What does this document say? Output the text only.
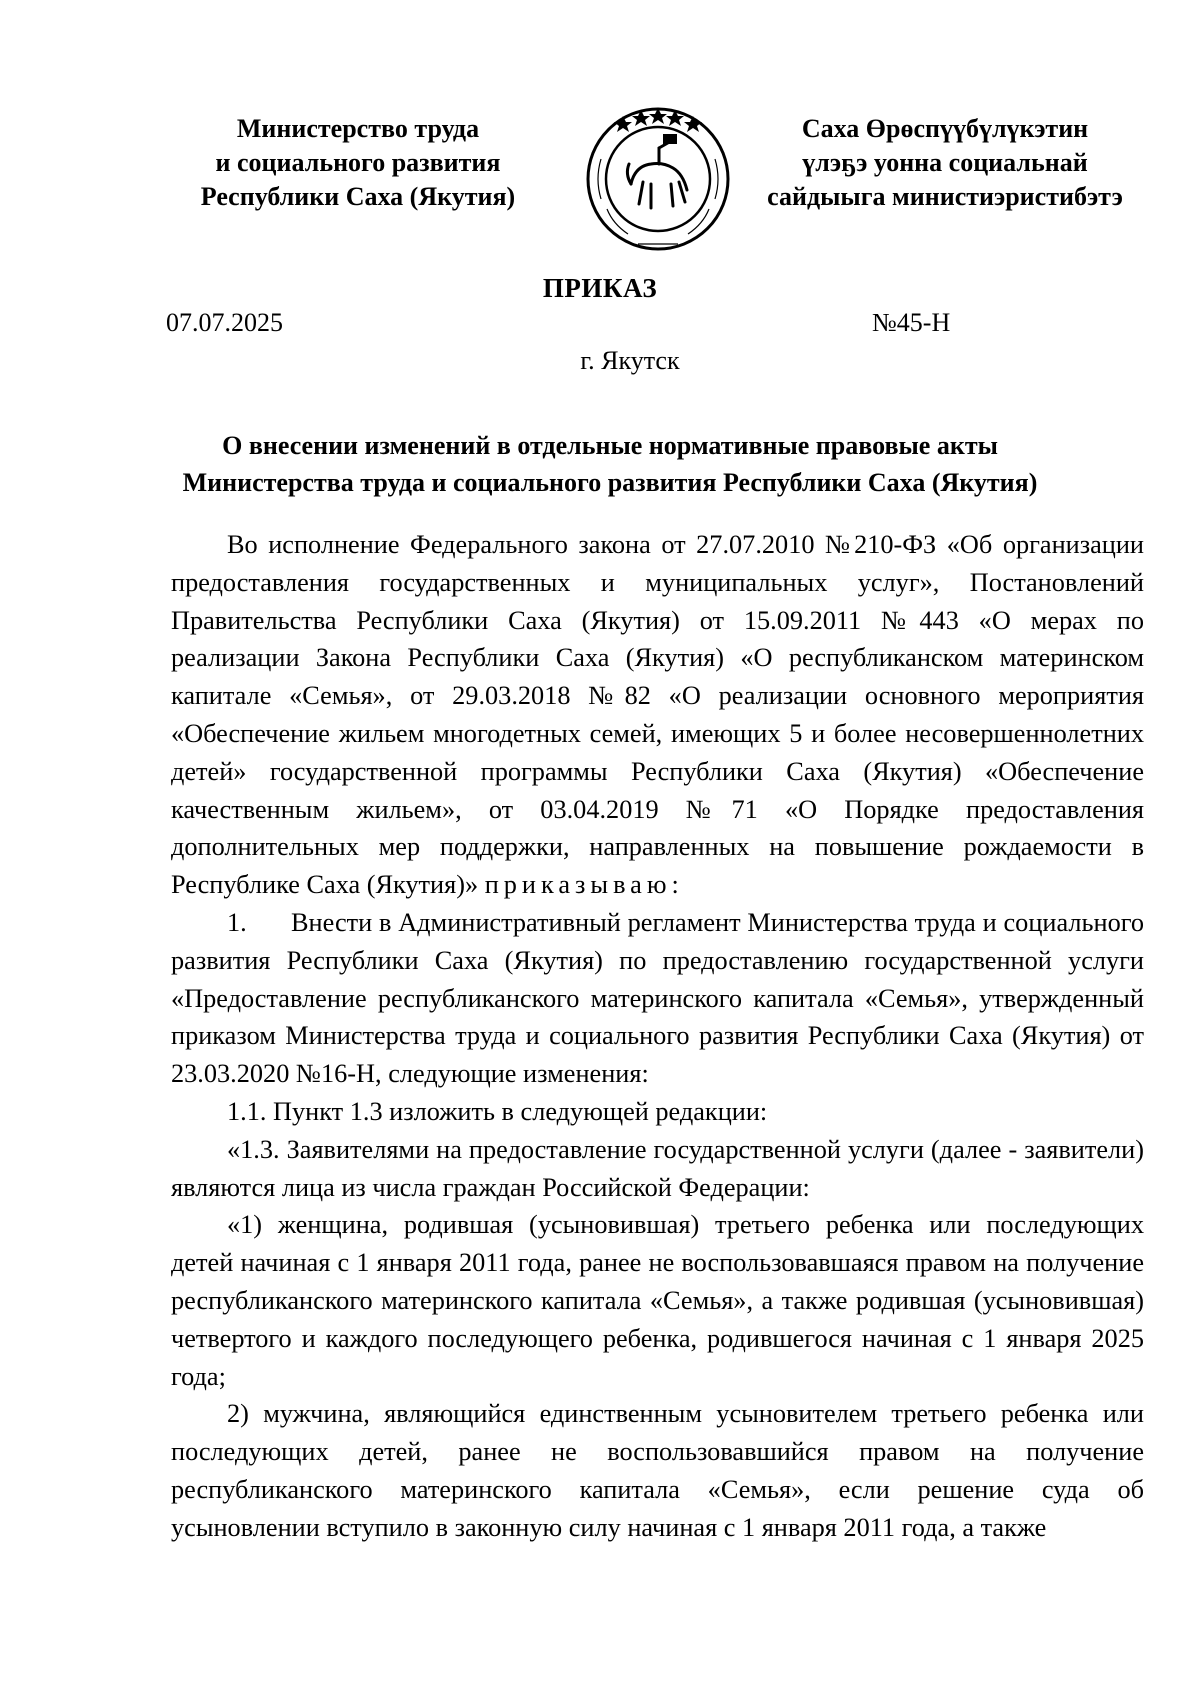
Министерство труда
и социального развития
Республики Саха (Якутия)
Саха Өрөспүүбүлүкэтин
үлэҕэ уонна социальнай
сайдыыга министиэристибэтэ
ПРИКАЗ
07.07.2025	№45-Н
г. Якутск
О внесении изменений в отдельные нормативные правовые акты
Министерства труда и социального развития Республики Саха (Якутия)

Во исполнение Федерального закона от 27.07.2010 №210-ФЗ «Об организации предоставления государственных и муниципальных услуг», Постановлений Правительства Республики Саха (Якутия) от 15.09.2011 №443 «О мерах по реализации Закона Республики Саха (Якутия) «О республиканском материнском капитале «Семья», от 29.03.2018 №82 «О реализации основного мероприятия «Обеспечение жильем многодетных семей, имеющих 5 и более несовершеннолетних детей» государственной программы Республики Саха (Якутия) «Обеспечение качественным жильем», от 03.04.2019 №71 «О Порядке предоставления дополнительных мер поддержки, направленных на повышение рождаемости в Республике Саха (Якутия)» приказываю:

1. Внести в Административный регламент Министерства труда и социального развития Республики Саха (Якутия) по предоставлению государственной услуги «Предоставление республиканского материнского капитала «Семья», утвержденный приказом Министерства труда и социального развития Республики Саха (Якутия) от 23.03.2020 №16-Н, следующие изменения:

1.1. Пункт 1.3 изложить в следующей редакции:

«1.3. Заявителями на предоставление государственной услуги (далее - заявители) являются лица из числа граждан Российской Федерации:

«1) женщина, родившая (усыновившая) третьего ребенка или последующих детей начиная с 1 января 2011 года, ранее не воспользовавшаяся правом на получение республиканского материнского капитала «Семья», а также родившая (усыновившая) четвертого и каждого последующего ребенка, родившегося начиная с 1 января 2025 года;

2) мужчина, являющийся единственным усыновителем третьего ребенка или последующих детей, ранее не воспользовавшийся правом на получение республиканского материнского капитала «Семья», если решение суда об усыновлении вступило в законную силу начиная с 1 января 2011 года, а также
